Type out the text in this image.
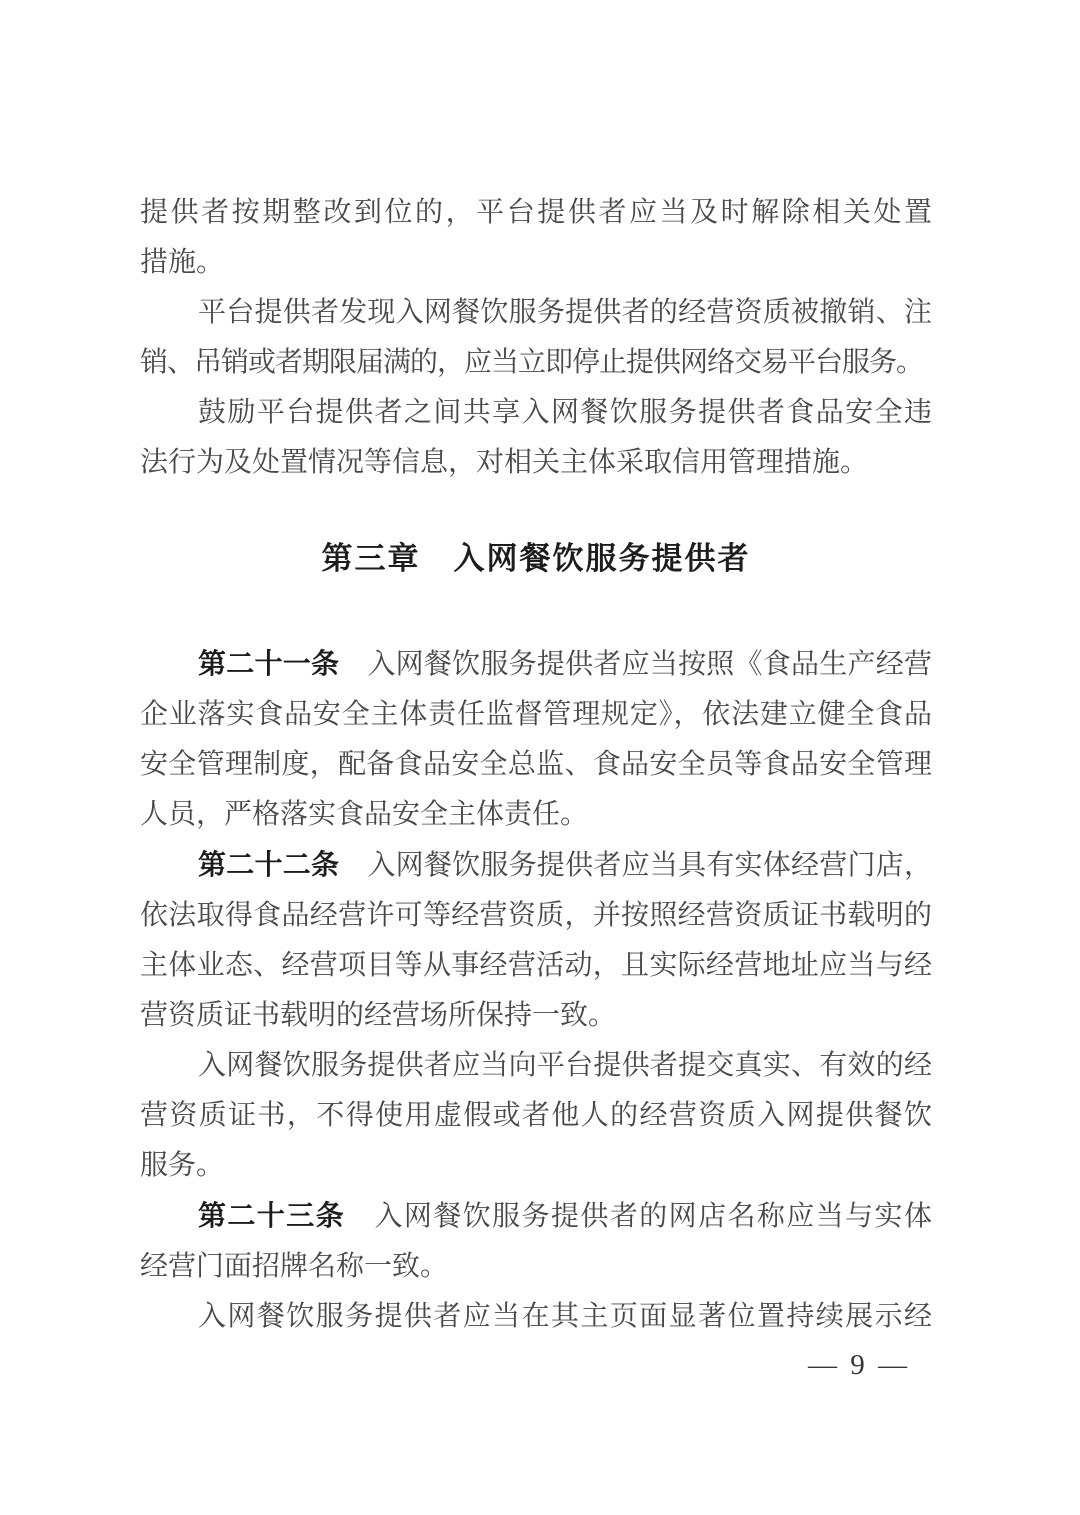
提供者按期整改到位的，平台提供者应当及时解除相关处置
措施。
平台提供者发现入网餐饮服务提供者的经营资质被撤销、注
销、吊销或者期限届满的，应当立即停止提供网络交易平台服务。
鼓励平台提供者之间共享入网餐饮服务提供者食品安全违
法行为及处置情况等信息，对相关主体采取信用管理措施。
第三章　入网餐饮服务提供者
第二十一条　入网餐饮服务提供者应当按照《食品生产经营
企业落实食品安全主体责任监督管理规定》，依法建立健全食品
安全管理制度，配备食品安全总监、食品安全员等食品安全管理
人员，严格落实食品安全主体责任。
第二十二条　入网餐饮服务提供者应当具有实体经营门店，
依法取得食品经营许可等经营资质，并按照经营资质证书载明的
主体业态、经营项目等从事经营活动，且实际经营地址应当与经
营资质证书载明的经营场所保持一致。
入网餐饮服务提供者应当向平台提供者提交真实、有效的经
营资质证书，不得使用虚假或者他人的经营资质入网提供餐饮
服务。
第二十三条　入网餐饮服务提供者的网店名称应当与实体
经营门面招牌名称一致。
入网餐饮服务提供者应当在其主页面显著位置持续展示经
— 9 —
